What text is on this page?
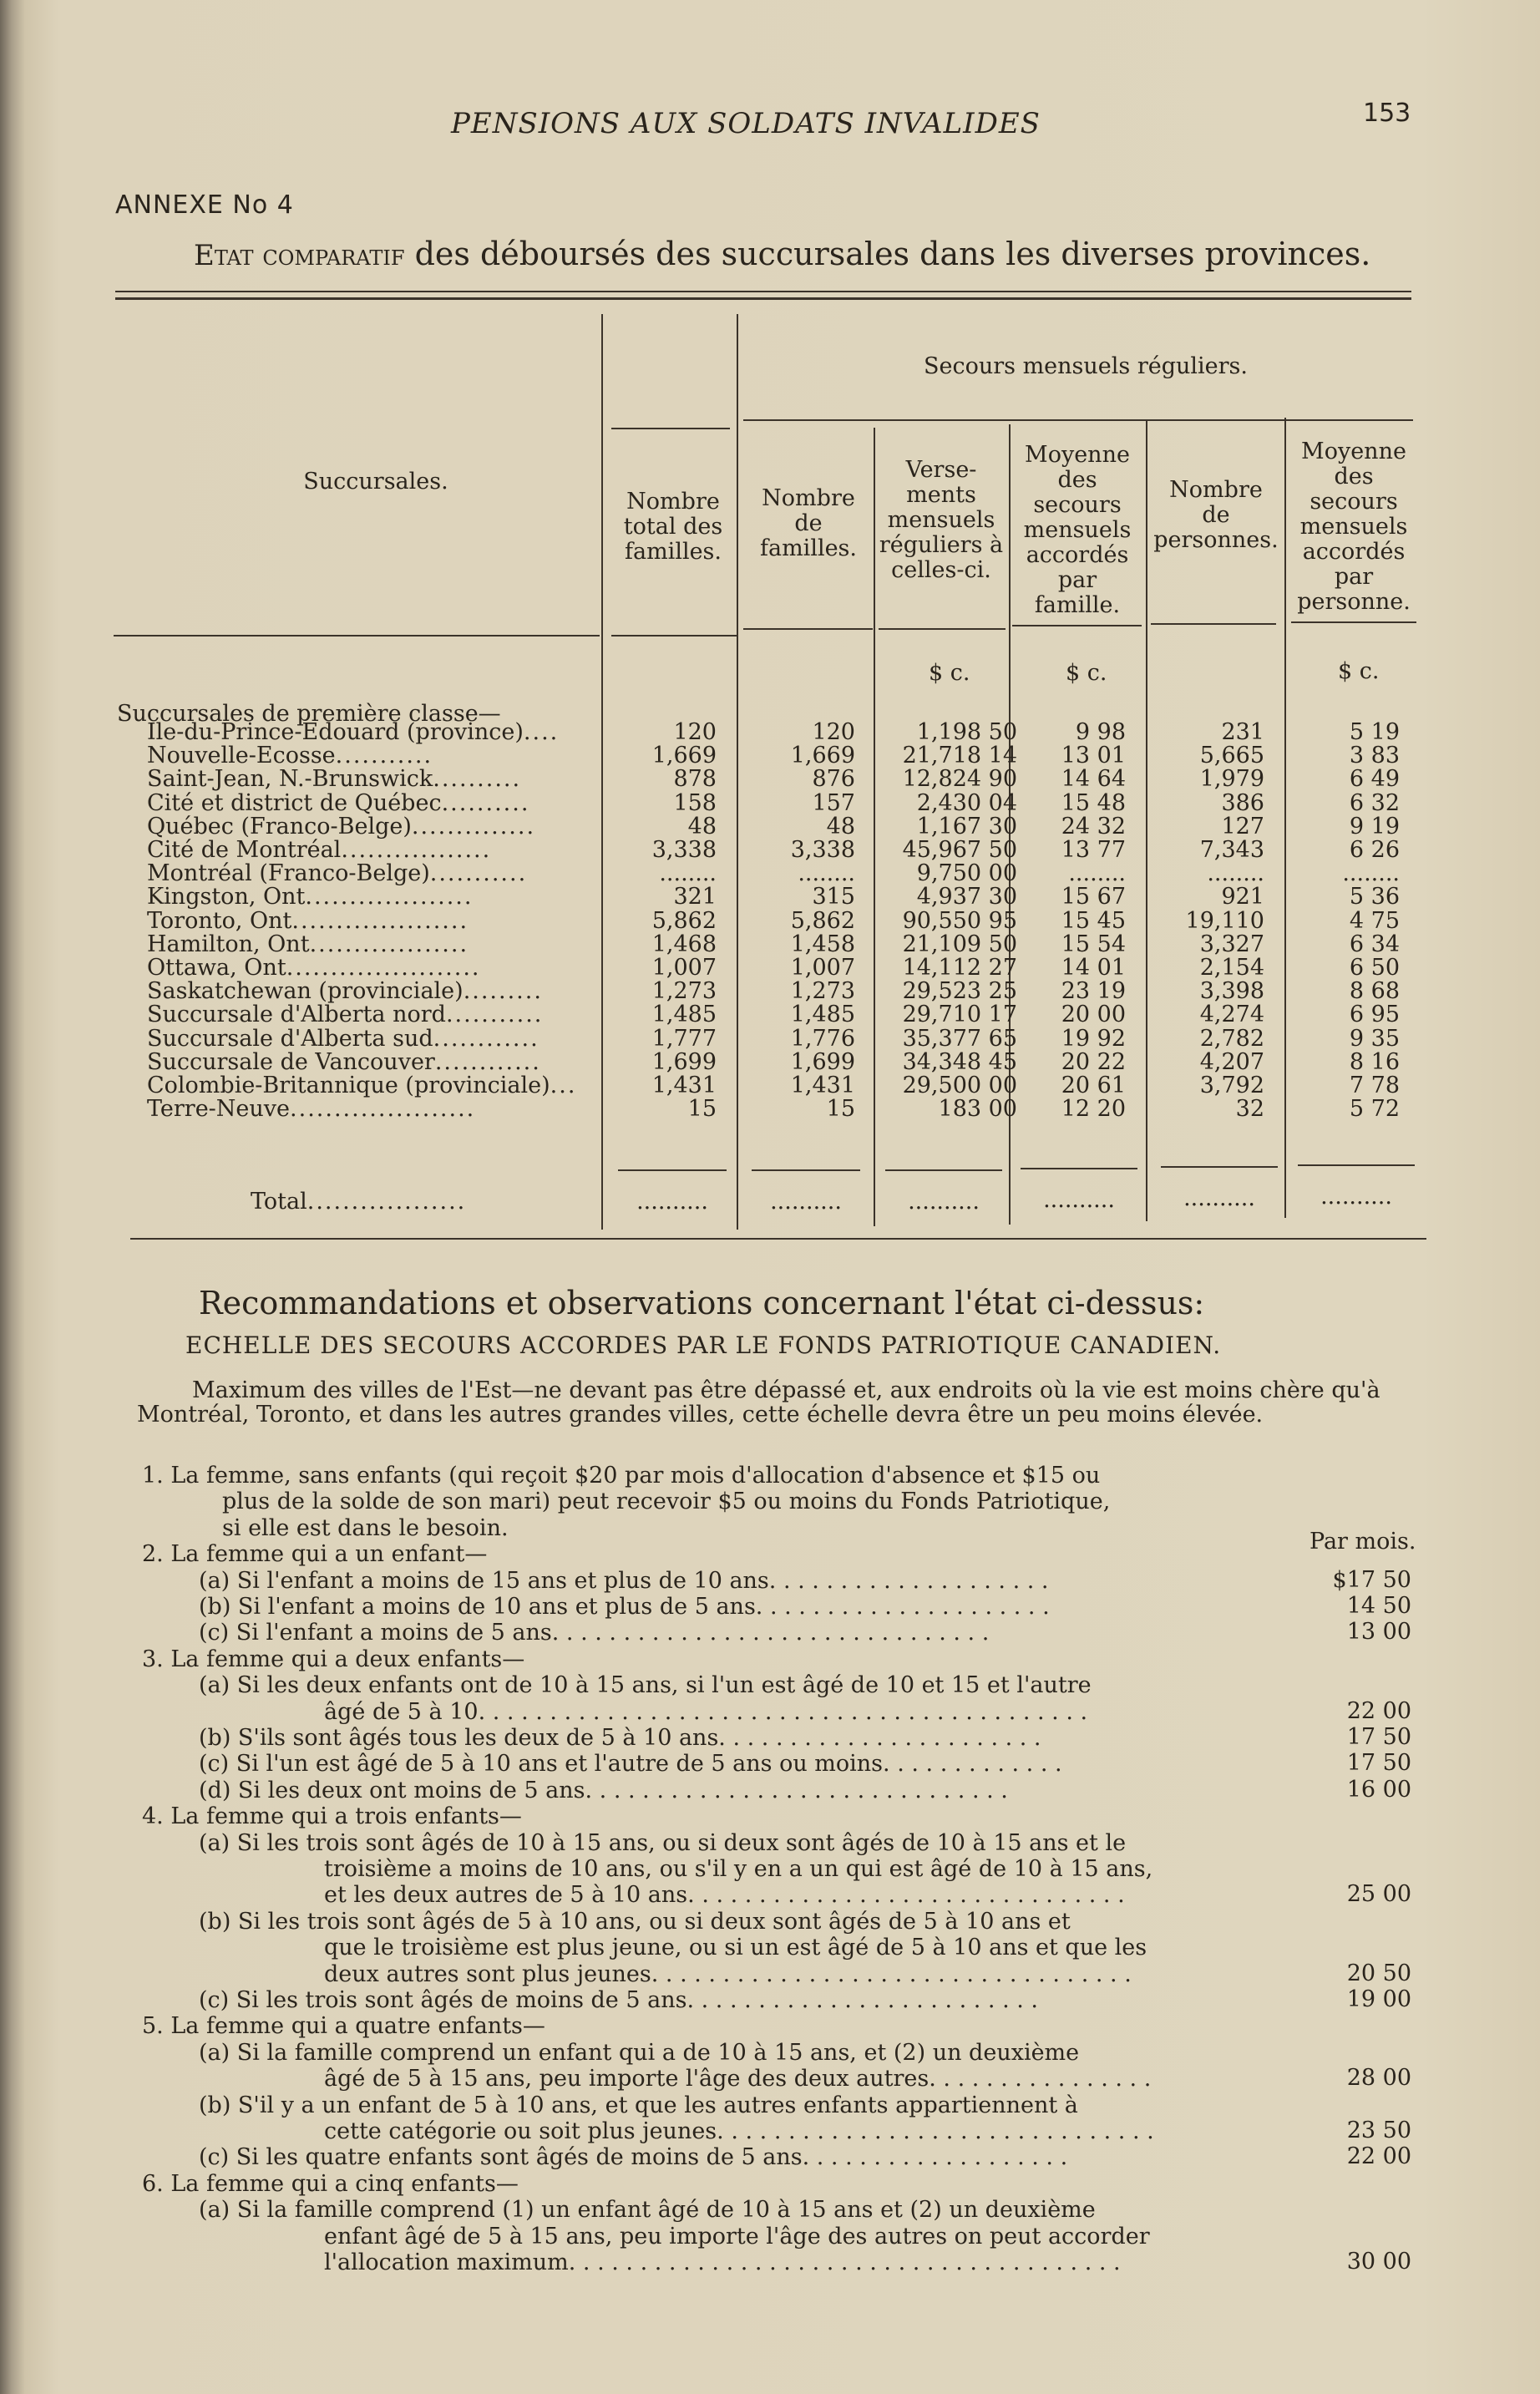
PENSIONS AUX SOLDATS INVALIDES	153
ANNEXE No 4
Etat comparatif des déboursés des succursales dans les diverses provinces.
Succursales.
Nombre total des familles.
Secours mensuels réguliers.
Nombre de familles.
Verse-ments mensuels réguliers à celles-ci.
Moyenne des secours mensuels accordés par famille.
Nombre de personnes.
Moyenne des secours mensuels accordés par personne.
$ c.	$ c.	$ c.
Ile-du-Prince-Edouard (province)....	120	120	1,198 50	9 98	231	5 19
Nouvelle-Ecosse...........	1,669	1,669	21,718 14	13 01	5,665	3 83
Saint-Jean, N.-Brunswick..........	878	876	12,824 90	14 64	1,979	6 49
Cité et district de Québec..........	158	157	2,430 04	15 48	386	6 32
Québec (Franco-Belge)..............	48	48	1,167 30	24 32	127	9 19
Cité de Montréal.................	3,338	3,338	45,967 50	13 77	7,343	6 26
Montréal (Franco-Belge)...........	........	........	9,750 00	........	........	........
Kingston, Ont...................	321	315	4,937 30	15 67	921	5 36
Toronto, Ont....................	5,862	5,862	90,550 95	15 45	19,110	4 75
Hamilton, Ont..................	1,468	1,458	21,109 50	15 54	3,327	6 34
Ottawa, Ont......................	1,007	1,007	14,112 27	14 01	2,154	6 50
Saskatchewan (provinciale).........	1,273	1,273	29,523 25	23 19	3,398	8 68
Succursale d'Alberta nord...........	1,485	1,485	29,710 17	20 00	4,274	6 95
Succursale d'Alberta sud............	1,777	1,776	35,377 65	19 92	2,782	9 35
Succursale de Vancouver............	1,699	1,699	34,348 45	20 22	4,207	8 16
Colombie-Britannique (provinciale)...	1,431	1,431	29,500 00	20 61	3,792	7 78
Terre-Neuve.....................	15	15	183 00	12 20	32	5 72
Succursales de première classe—
Total..................	..........	..........	..........	..........	..........	..........
Recommandations et observations concernant l'état ci-dessus:
ECHELLE DES SECOURS ACCORDES PAR LE FONDS PATRIOTIQUE CANADIEN.
Maximum des villes de l'Est—ne devant pas être dépassé et, aux endroits où la vie est moins chère qu'à Montréal, Toronto, et dans les autres grandes villes, cette échelle devra être un peu moins élevée.
Par mois.
1. La femme, sans enfants (qui reçoit $20 par mois d'allocation d'absence et $15 ou
plus de la solde de son mari) peut recevoir $5 ou moins du Fonds Patriotique,
si elle est dans le besoin.
2. La femme qui a un enfant—
(a) Si l'enfant a moins de 15 ans et plus de 10 ans. . . . . . . . . . . . . . . . . . . .	$17 50
(b) Si l'enfant a moins de 10 ans et plus de 5 ans. . . . . . . . . . . . . . . . . . . . .	14 50
(c) Si l'enfant a moins de 5 ans. . . . . . . . . . . . . . . . . . . . . . . . . . . . . . .	13 00
3. La femme qui a deux enfants—
(a) Si les deux enfants ont de 10 à 15 ans, si l'un est âgé de 10 et 15 et l'autre
âgé de 5 à 10. . . . . . . . . . . . . . . . . . . . . . . . . . . . . . . . . . . . . . . . . . .	22 00
(b) S'ils sont âgés tous les deux de 5 à 10 ans. . . . . . . . . . . . . . . . . . . . . . .	17 50
(c) Si l'un est âgé de 5 à 10 ans et l'autre de 5 ans ou moins. . . . . . . . . . . . .	17 50
(d) Si les deux ont moins de 5 ans. . . . . . . . . . . . . . . . . . . . . . . . . . . . . .	16 00
4. La femme qui a trois enfants—
(a) Si les trois sont âgés de 10 à 15 ans, ou si deux sont âgés de 10 à 15 ans et le
troisième a moins de 10 ans, ou s'il y en a un qui est âgé de 10 à 15 ans,
et les deux autres de 5 à 10 ans. . . . . . . . . . . . . . . . . . . . . . . . . . . . . . .	25 00
(b) Si les trois sont âgés de 5 à 10 ans, ou si deux sont âgés de 5 à 10 ans et
que le troisième est plus jeune, ou si un est âgé de 5 à 10 ans et que les
deux autres sont plus jeunes. . . . . . . . . . . . . . . . . . . . . . . . . . . . . . . . . .	20 50
(c) Si les trois sont âgés de moins de 5 ans. . . . . . . . . . . . . . . . . . . . . . . . .	19 00
5. La femme qui a quatre enfants—
(a) Si la famille comprend un enfant qui a de 10 à 15 ans, et (2) un deuxième
âgé de 5 à 15 ans, peu importe l'âge des deux autres. . . . . . . . . . . . . . . .	28 00
(b) S'il y a un enfant de 5 à 10 ans, et que les autres enfants appartiennent à
cette catégorie ou soit plus jeunes. . . . . . . . . . . . . . . . . . . . . . . . . . . . . . .	23 50
(c) Si les quatre enfants sont âgés de moins de 5 ans. . . . . . . . . . . . . . . . . . .	22 00
6. La femme qui a cinq enfants—
(a) Si la famille comprend (1) un enfant âgé de 10 à 15 ans et (2) un deuxième
enfant âgé de 5 à 15 ans, peu importe l'âge des autres on peut accorder
l'allocation maximum. . . . . . . . . . . . . . . . . . . . . . . . . . . . . . . . . . . . . . .	30 00
